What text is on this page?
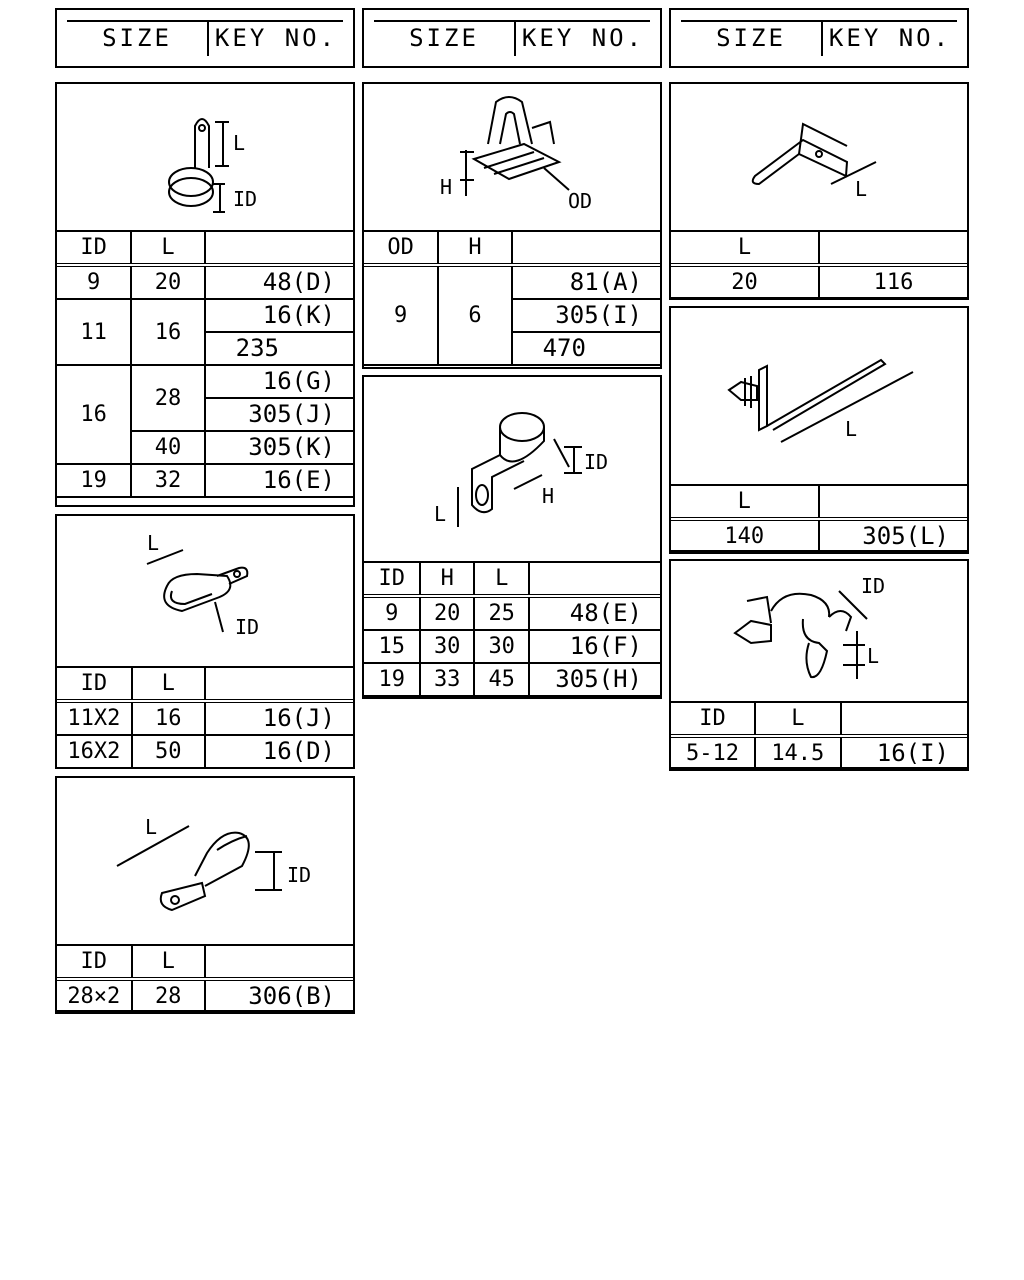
SIZE	KEY NO.	SIZE	KEY NO.	SIZE	KEY NO.
L
ID
ID	L	
9	20	48(D)
11	16	16(K)
		235
16	28	16(G)
		305(J)
	40	305(K)
19	32	16(E)
L
ID
ID	L	
11X2	16	16(J)
16X2	50	16(D)
L
ID
ID	L	
28×2	28	306(B)
H
OD
OD	H	
9	6	81(A)
		305(I)
		470
ID
H
L
ID	H	L	
9	20	25	48(E)
15	30	30	16(F)
19	33	45	305(H)
L
L	
20	116
L
L	
140	305(L)
ID
L
ID	L	
5-12	14.5	16(I)
